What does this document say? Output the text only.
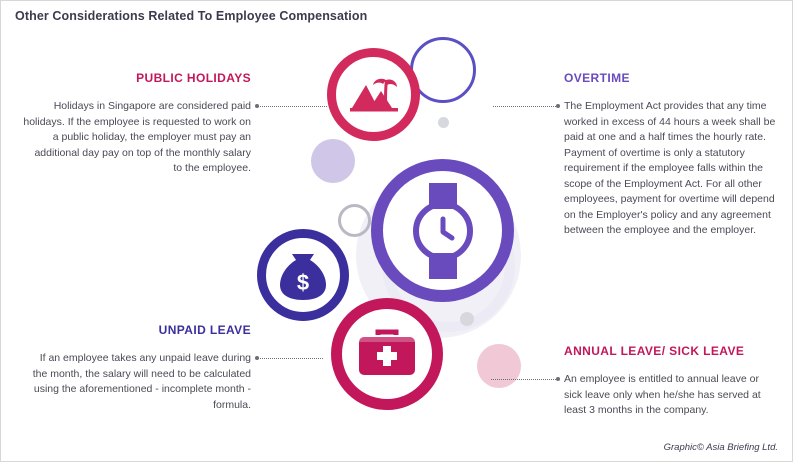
Other Considerations Related To Employee Compensation
$
PUBLIC HOLIDAYS
Holidays in Singapore are considered paid holidays. If the employee is requested to work on a public holiday, the employer must pay an additional day pay on top of the monthly salary to the employee.
OVERTIME
The Employment Act provides that any time worked in excess of 44 hours a week shall be paid at one and a half times the hourly rate. Payment of overtime is only a statutory requirement if the employee falls within the scope of the Employment Act. For all other employees, payment for overtime will depend on the Employer's policy and any agreement between the employee and the employer.
UNPAID LEAVE
If an employee takes any unpaid leave during the month, the salary will need to be calculated using the aforementioned - incomplete month - formula.
ANNUAL LEAVE/ SICK LEAVE
An employee is entitled to annual leave or sick leave only when he/she has served at least 3 months in the company.
Graphic© Asia Briefing Ltd.
